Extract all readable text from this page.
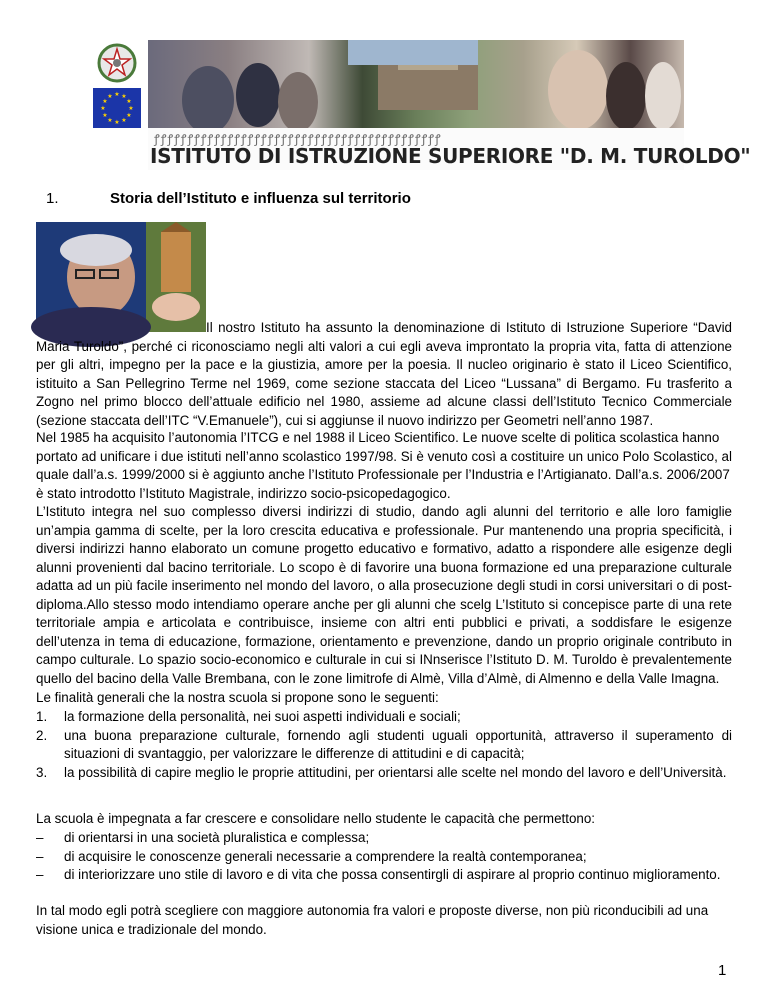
★ ★
★
★
★
★
★
★
★
★
★
★
ꝭꝭꝭꝭꝭꝭꝭꝭꝭꝭꝭꝭꝭꝭꝭꝭꝭꝭꝭꝭꝭꝭꝭꝭꝭꝭꝭꝭꝭꝭꝭꝭꝭꝭꝭꝭꝭꝭꝭꝭꝭꝭꝭ
ISTITUTO DI ISTRUZIONE SUPERIORE "D. M. TUROLDO"
1.	Storia dell’Istituto e influenza sul territorio
Il nostro Istituto ha assunto la denominazione di Istituto di Istruzione Superiore “David Maria Turoldo”, perché ci riconosciamo negli alti valori a cui egli aveva improntato la propria vita, fatta di attenzione per gli altri, impegno per la pace e la giustizia, amore per la poesia. Il nucleo originario è stato il Liceo Scientifico, istituito a San Pellegrino Terme nel 1969, come sezione staccata del Liceo “Lussana” di Bergamo. Fu trasferito a Zogno nel primo blocco dell’attuale edificio nel 1980, assieme ad alcune classi dell’Istituto Tecnico Commerciale (sezione staccata dell’ITC “V.Emanuele”), cui si aggiunse il nuovo indirizzo per Geometri nell’anno 1987.
Nel 1985 ha acquisito l’autonomia l’ITCG e nel 1988 il Liceo Scientifico. Le nuove scelte di politica scolastica hanno portato ad unificare i due istituti nell’anno scolastico 1997/98. Si è venuto così a costituire un unico Polo Scolastico, al quale dall’a.s. 1999/2000 si è aggiunto anche l’Istituto Professionale per l’Industria e l’Artigianato. Dall’a.s. 2006/2007 è stato introdotto l’Istituto Magistrale, indirizzo socio-psicopedagogico.
L’Istituto integra nel suo complesso diversi indirizzi di studio, dando agli alunni del territorio e alle loro famiglie un’ampia gamma di scelte, per la loro crescita educativa e professionale. Pur mantenendo una propria specificità, i diversi indirizzi hanno elaborato un comune progetto educativo e formativo, adatto a rispondere alle esigenze degli alunni provenienti dal bacino territoriale. Lo scopo è di favorire una buona formazione ed una preparazione culturale adatta ad un più facile inserimento nel mondo del lavoro, o alla prosecuzione degli studi in corsi universitari o di post-diploma.Allo stesso modo intendiamo operare anche per gli alunni che scelg L’Istituto si concepisce parte di una rete territoriale ampia e articolata e contribuisce, insieme con altri enti pubblici e privati, a soddisfare le esigenze dell’utenza in tema di educazione, formazione, orientamento e prevenzione, dando un proprio originale contributo in campo culturale. Lo spazio socio-economico e culturale in cui si INnserisce l’Istituto D. M. Turoldo è prevalentemente quello del bacino della Valle Brembana, con le zone limitrofe di Almè, Villa d’Almè, di Almenno e della Valle Imagna.
Le finalità generali che la nostra scuola si propone sono le seguenti:
1. la formazione della personalità, nei suoi aspetti individuali e sociali;
2. una buona preparazione culturale, fornendo agli studenti uguali opportunità, attraverso il superamento di situazioni di svantaggio, per valorizzare le differenze di attitudini e di capacità;
3. la possibilità di capire meglio le proprie attitudini, per orientarsi alle scelte nel mondo del lavoro e dell’Università.
La scuola è impegnata a far crescere e consolidare nello studente le capacità che permettono:
– di orientarsi in una società pluralistica e complessa;
– di acquisire le conoscenze generali necessarie a comprendere la realtà contemporanea;
– di interiorizzare uno stile di lavoro e di vita che possa consentirgli di aspirare al proprio continuo miglioramento.
In tal modo egli potrà scegliere con maggiore autonomia fra valori e proposte diverse, non più riconducibili ad una visione unica e tradizionale del mondo.
1
